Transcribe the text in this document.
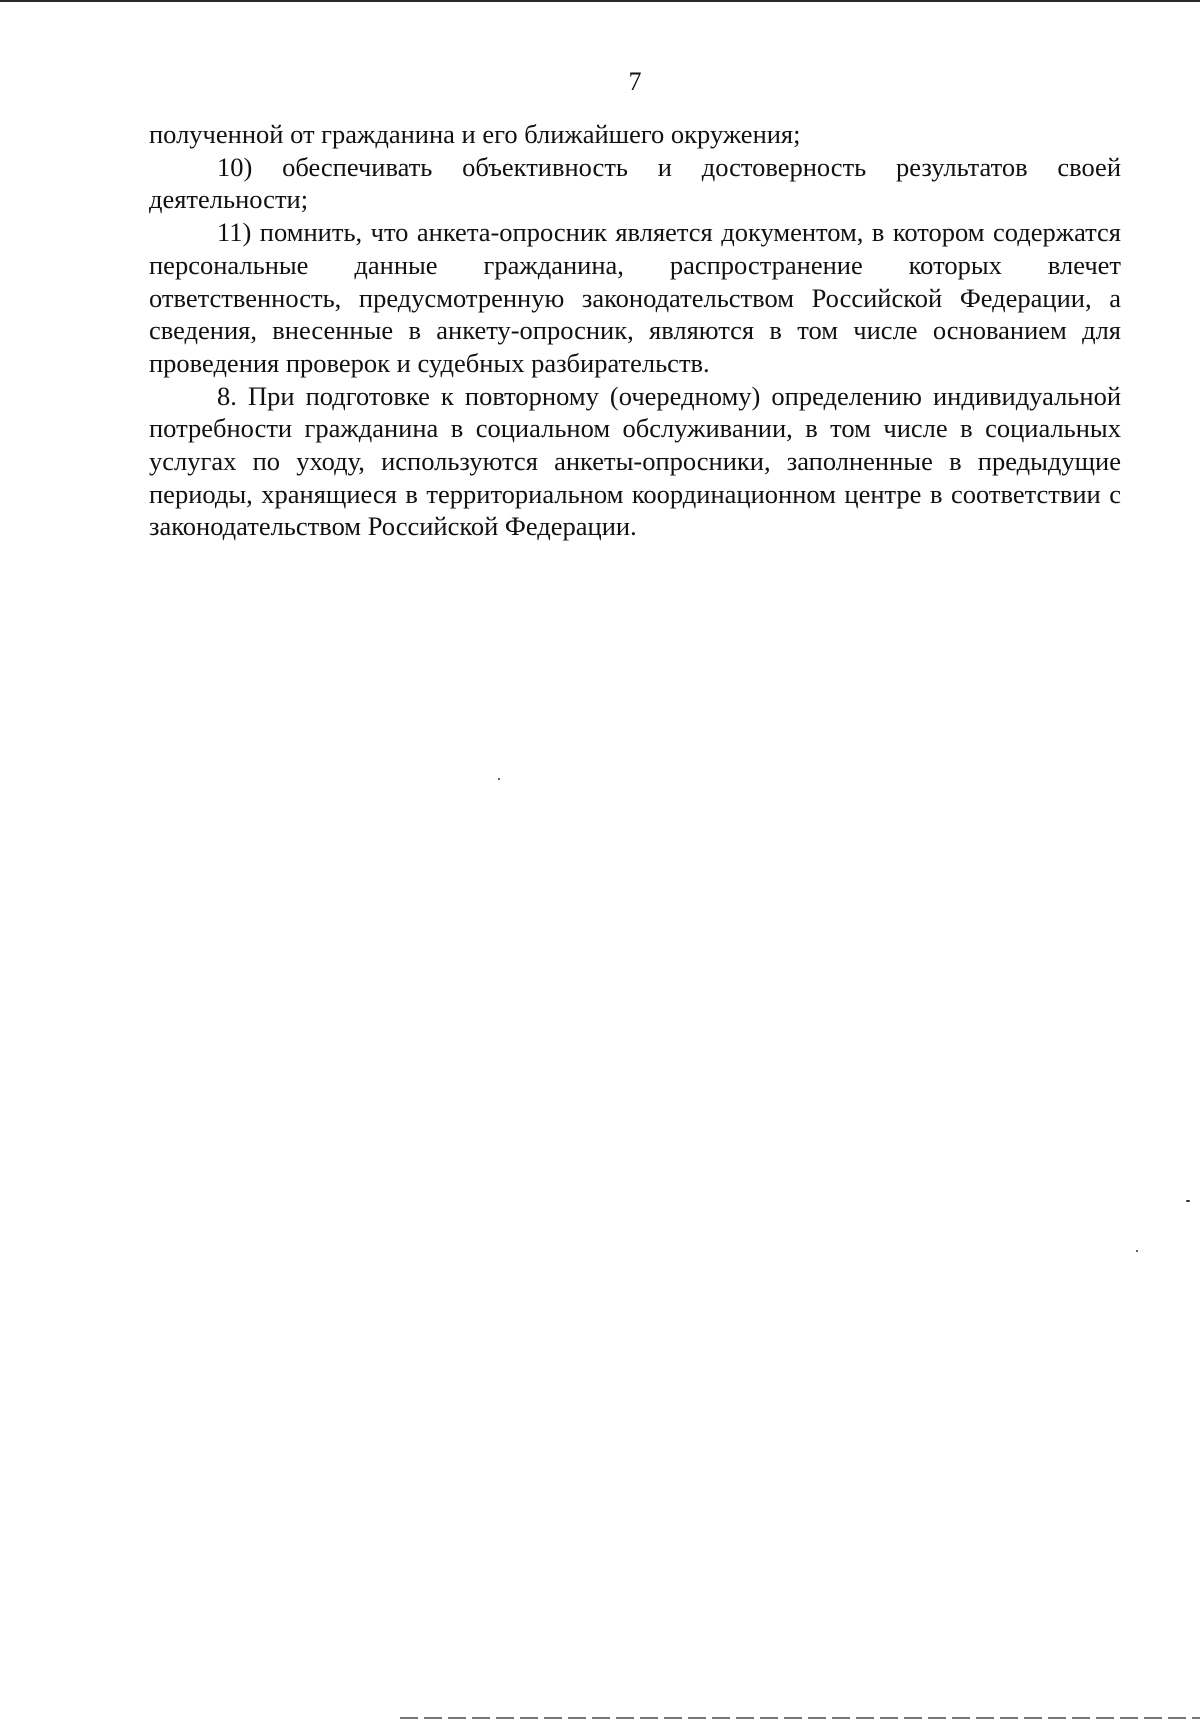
7

полученной от гражданина и его ближайшего окружения;

10) обеспечивать объективность и достоверность результатов своей деятельности;

11) помнить, что анкета-опросник является документом, в котором содержатся персональные данные гражданина, распространение которых влечет ответственность, предусмотренную законодательством Российской Федерации, а сведения, внесенные в анкету-опросник, являются в том числе основанием для проведения проверок и судебных разбирательств.

8. При подготовке к повторному (очередному) определению индивидуальной потребности гражданина в социальном обслуживании, в том числе в социальных услугах по уходу, используются анкеты-опросники, заполненные в предыдущие периоды, хранящиеся в территориальном координационном центре в соответствии с законодательством Российской Федерации.
